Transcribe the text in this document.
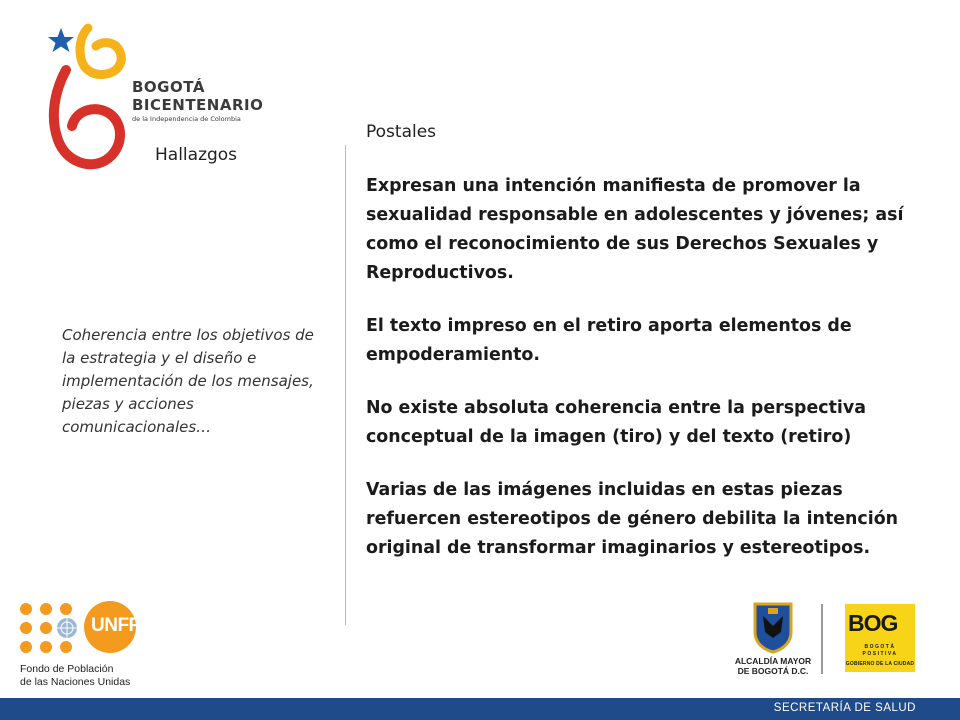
BOGOTÁ
BICENTENARIO
de la Independencia de Colombia
Hallazgos
Coherencia entre los objetivos de la estrategia y el diseño e implementación de los mensajes, piezas y acciones comunicacionales…
Postales

Expresan una intención manifiesta de promover la sexualidad responsable en adolescentes y jóvenes; así como el reconocimiento de sus Derechos Sexuales y Reproductivos.

El texto impreso en el retiro aporta elementos de empoderamiento.

No existe absoluta coherencia entre la perspectiva conceptual de la imagen (tiro) y del texto (retiro)

Varias de las imágenes incluidas en estas piezas refuercen estereotipos de género debilita la intención original de transformar imaginarios y estereotipos.

UNFPA
Fondo de Población
de las Naciones Unidas
ALCALDÍA MAYOR
DE BOGOTÁ D.C.
BOG
BOGOTÁ
POSITIVA
GOBIERNO DE LA CIUDAD
SECRETARÍA DE SALUD
